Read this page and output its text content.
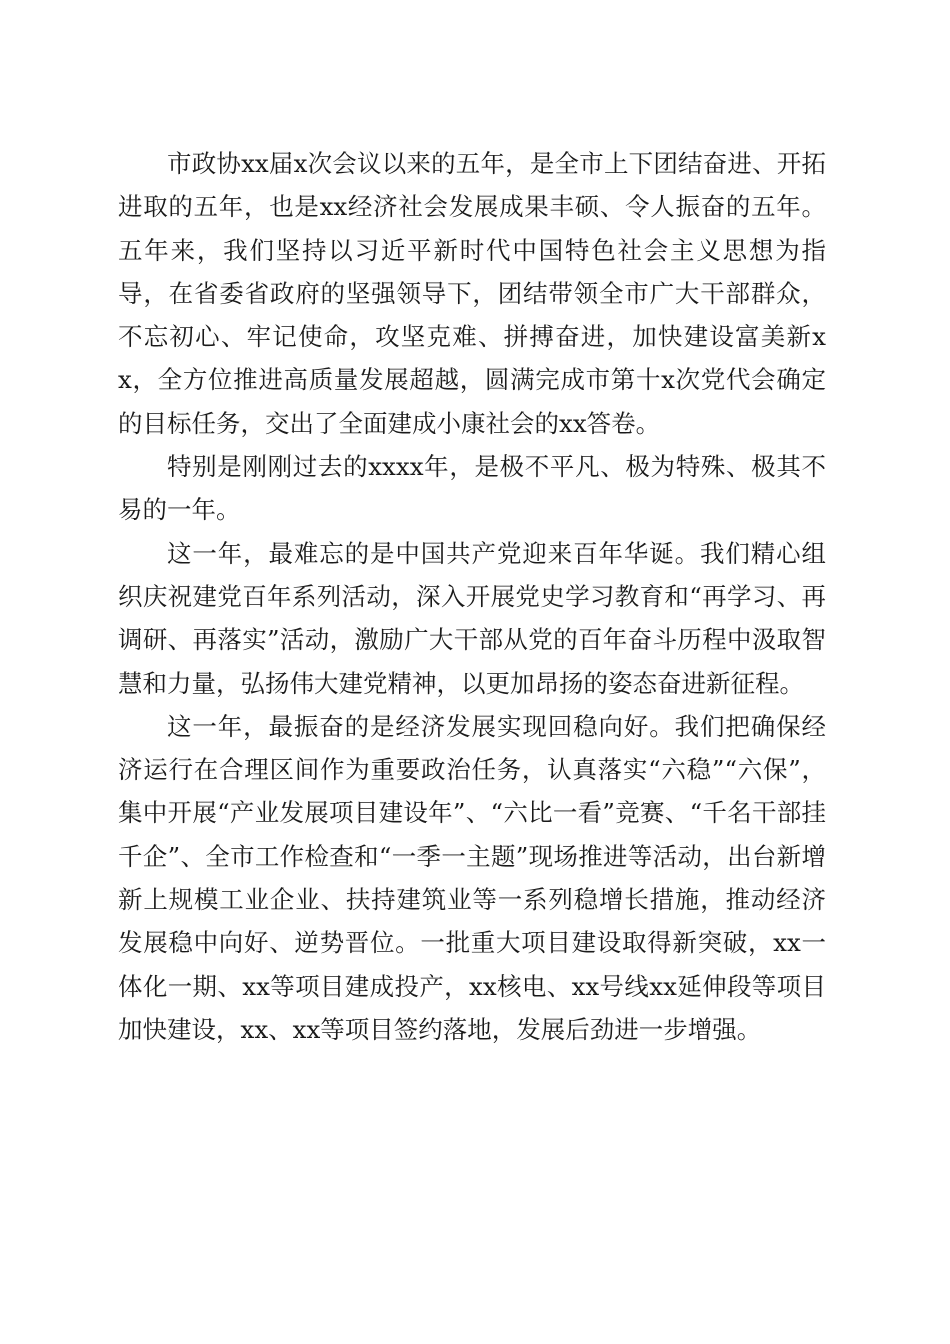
市政协xx届x次会议以来的五年，是全市上下团结奋进、开拓进取的五年，也是xx经济社会发展成果丰硕、令人振奋的五年。五年来，我们坚持以习近平新时代中国特色社会主义思想为指导，在省委省政府的坚强领导下，团结带领全市广大干部群众，不忘初心、牢记使命，攻坚克难、拼搏奋进，加快建设富美新xx，全方位推进高质量发展超越，圆满完成市第十x次党代会确定的目标任务，交出了全面建成小康社会的xx答卷。

特别是刚刚过去的xxxx年，是极不平凡、极为特殊、极其不易的一年。

这一年，最难忘的是中国共产党迎来百年华诞。我们精心组织庆祝建党百年系列活动，深入开展党史学习教育和“再学习、再调研、再落实”活动，激励广大干部从党的百年奋斗历程中汲取智慧和力量，弘扬伟大建党精神，以更加昂扬的姿态奋进新征程。

这一年，最振奋的是经济发展实现回稳向好。我们把确保经济运行在合理区间作为重要政治任务，认真落实“六稳”“六保”，集中开展“产业发展项目建设年”、“六比一看”竞赛、“千名干部挂千企”、全市工作检查和“一季一主题”现场推进等活动，出台新增新上规模工业企业、扶持建筑业等一系列稳增长措施，推动经济发展稳中向好、逆势晋位。一批重大项目建设取得新突破，xx一体化一期、xx等项目建成投产，xx核电、xx号线xx延伸段等项目加快建设，xx、xx等项目签约落地，发展后劲进一步增强。
